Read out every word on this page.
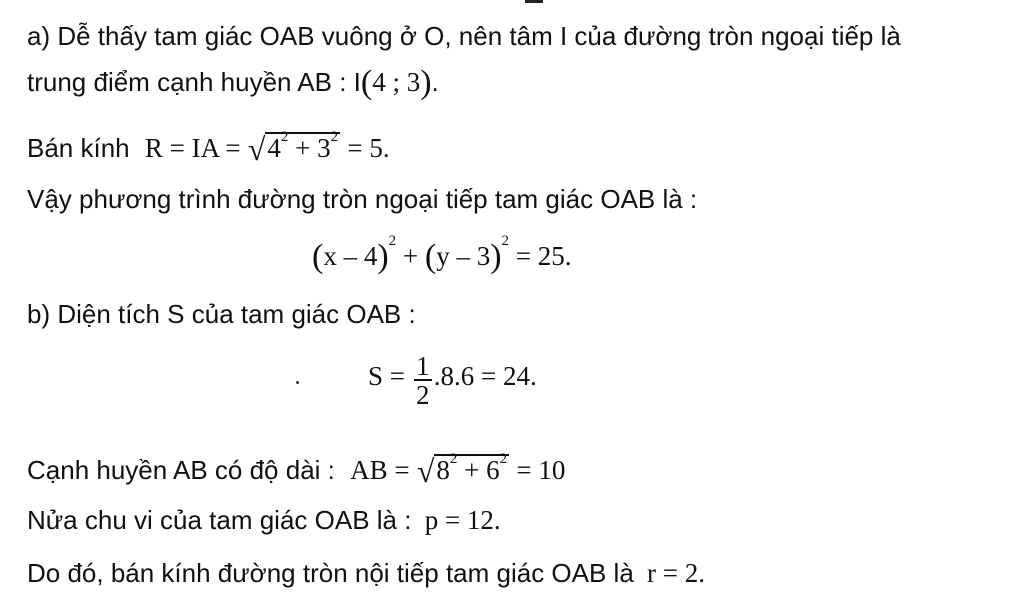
a) Dễ thấy tam giác OAB vuông ở O, nên tâm I của đường tròn ngoại tiếp là
trung điểm cạnh huyền AB : I(4 ; 3).
Bán kính R = IA = √ $4^2 + 3^2 = 5$.
Vậy phương trình đường tròn ngoại tiếp tam giác OAB là :
(x – 4)$^2$ + (y – 3)$^2$ = 25.
b) Diện tích S của tam giác OAB :
$S = \frac{1}{2} .8.6 = 24$.
Cạnh huyền AB có độ dài : AB = √ $8^2 + 6^2 = 10$
Nửa chu vi của tam giác OAB là : p = 12.
Do đó, bán kính đường tròn nội tiếp tam giác OAB là r = 2.
